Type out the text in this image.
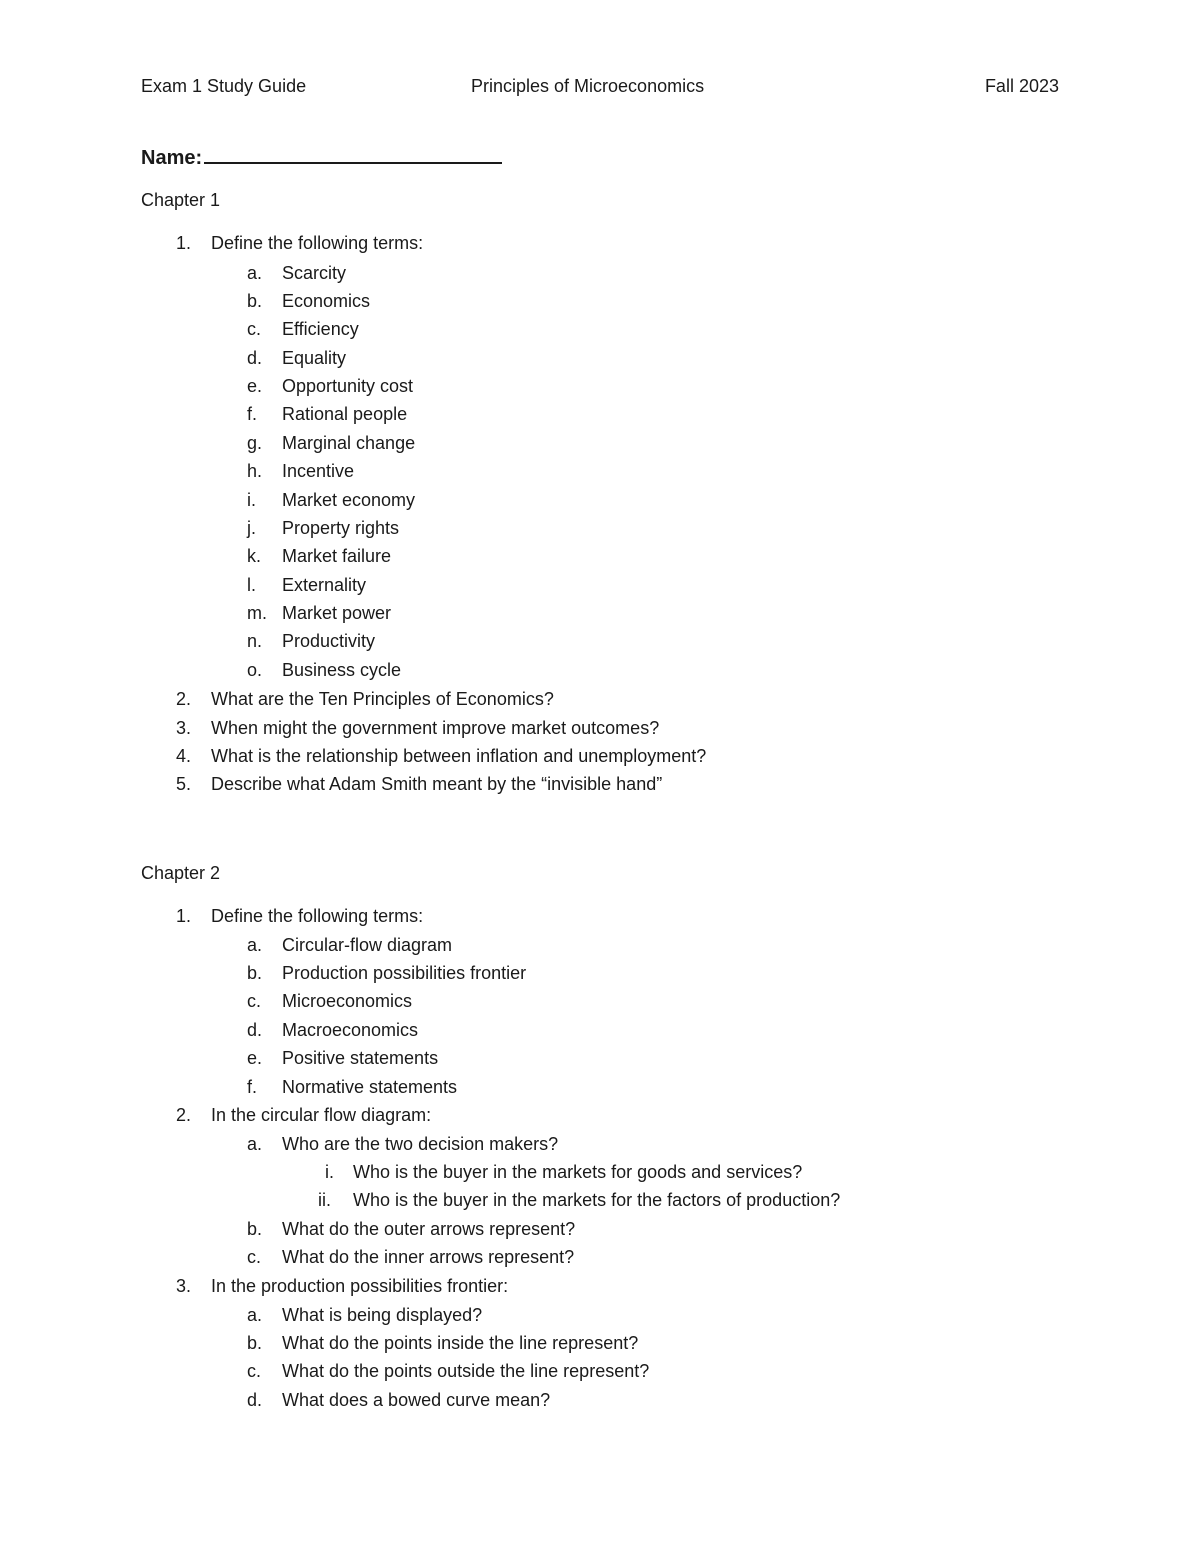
Exam 1 Study Guide	Principles of Microeconomics	Fall 2023
Name:
Chapter 1
1. Define the following terms:
a. Scarcity
b. Economics
c. Efficiency
d. Equality
e. Opportunity cost
f. Rational people
g. Marginal change
h. Incentive
i. Market economy
j. Property rights
k. Market failure
l. Externality
m. Market power
n. Productivity
o. Business cycle
2. What are the Ten Principles of Economics?
3. When might the government improve market outcomes?
4. What is the relationship between inflation and unemployment?
5. Describe what Adam Smith meant by the “invisible hand”
Chapter 2
1. Define the following terms:
a. Circular-flow diagram
b. Production possibilities frontier
c. Microeconomics
d. Macroeconomics
e. Positive statements
f. Normative statements
2. In the circular flow diagram:
a. Who are the two decision makers?
i. Who is the buyer in the markets for goods and services?
ii. Who is the buyer in the markets for the factors of production?
b. What do the outer arrows represent?
c. What do the inner arrows represent?
3. In the production possibilities frontier:
a. What is being displayed?
b. What do the points inside the line represent?
c. What do the points outside the line represent?
d. What does a bowed curve mean?
